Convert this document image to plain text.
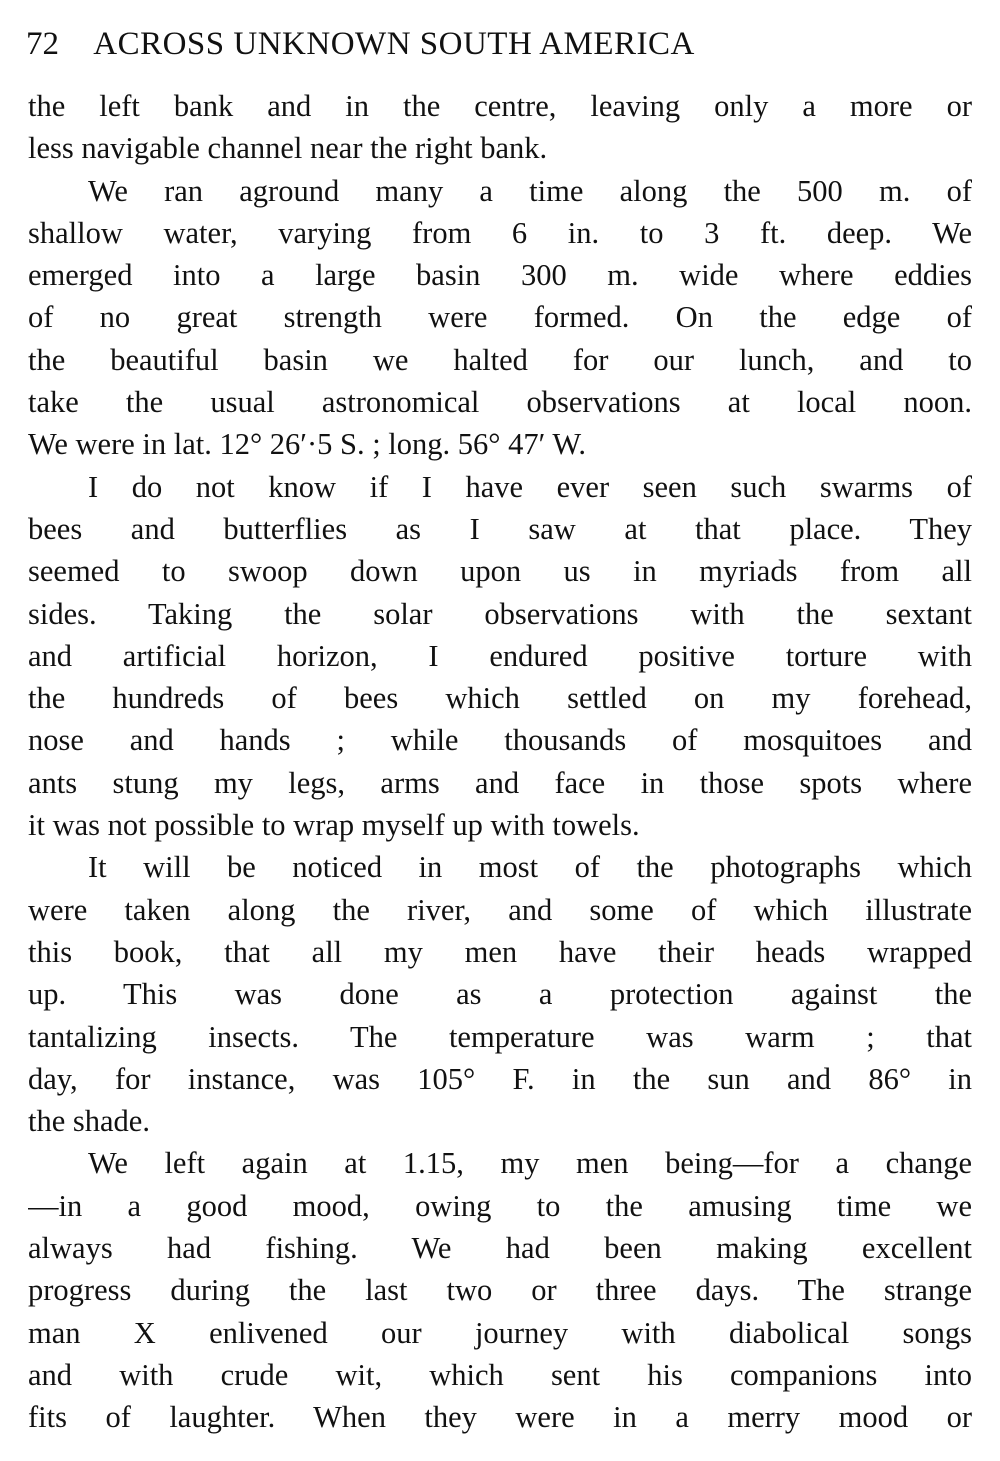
72 ACROSS UNKNOWN SOUTH AMERICA
the left bank and in the centre, leaving only a more or
less navigable channel near the right bank.
We ran aground many a time along the 500 m. of
shallow water, varying from 6 in. to 3 ft. deep. We
emerged into a large basin 300 m. wide where eddies
of no great strength were formed. On the edge of
the beautiful basin we halted for our lunch, and to
take the usual astronomical observations at local noon.
We were in lat. 12° 26′·5 S. ; long. 56° 47′ W.
I do not know if I have ever seen such swarms of
bees and butterflies as I saw at that place. They
seemed to swoop down upon us in myriads from all
sides. Taking the solar observations with the sextant
and artificial horizon, I endured positive torture with
the hundreds of bees which settled on my forehead,
nose and hands ; while thousands of mosquitoes and
ants stung my legs, arms and face in those spots where
it was not possible to wrap myself up with towels.
It will be noticed in most of the photographs which
were taken along the river, and some of which illustrate
this book, that all my men have their heads wrapped
up. This was done as a protection against the
tantalizing insects. The temperature was warm ; that
day, for instance, was 105° F. in the sun and 86° in
the shade.
We left again at 1.15, my men being—for a change
—in a good mood, owing to the amusing time we
always had fishing. We had been making excellent
progress during the last two or three days. The strange
man X enlivened our journey with diabolical songs
and with crude wit, which sent his companions into
fits of laughter. When they were in a merry mood or
